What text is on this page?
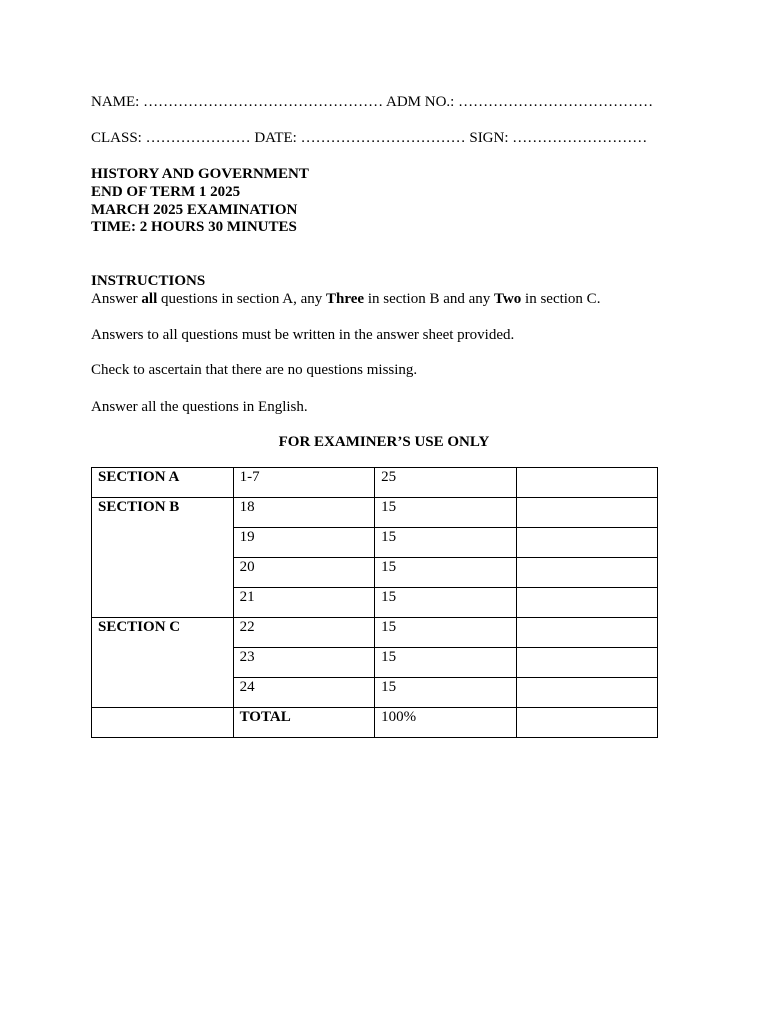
NAME: ………………………………………… ADM NO.: …………………………………
CLASS: ………………… DATE: …………………………… SIGN: ………………………
HISTORY AND GOVERNMENT
END OF TERM 1 2025
MARCH 2025 EXAMINATION
TIME: 2 HOURS 30 MINUTES
INSTRUCTIONS
Answer all questions in section A, any Three in section B and any Two in section C.
Answers to all questions must be written in the answer sheet provided.
Check to ascertain that there are no questions missing.
Answer all the questions in English.
FOR EXAMINER’S USE ONLY
SECTION A	1-7	25	
SECTION B	18	15	
	19	15	
	20	15	
	21	15	
SECTION C	22	15	
	23	15	
	24	15	
	TOTAL	100%	
